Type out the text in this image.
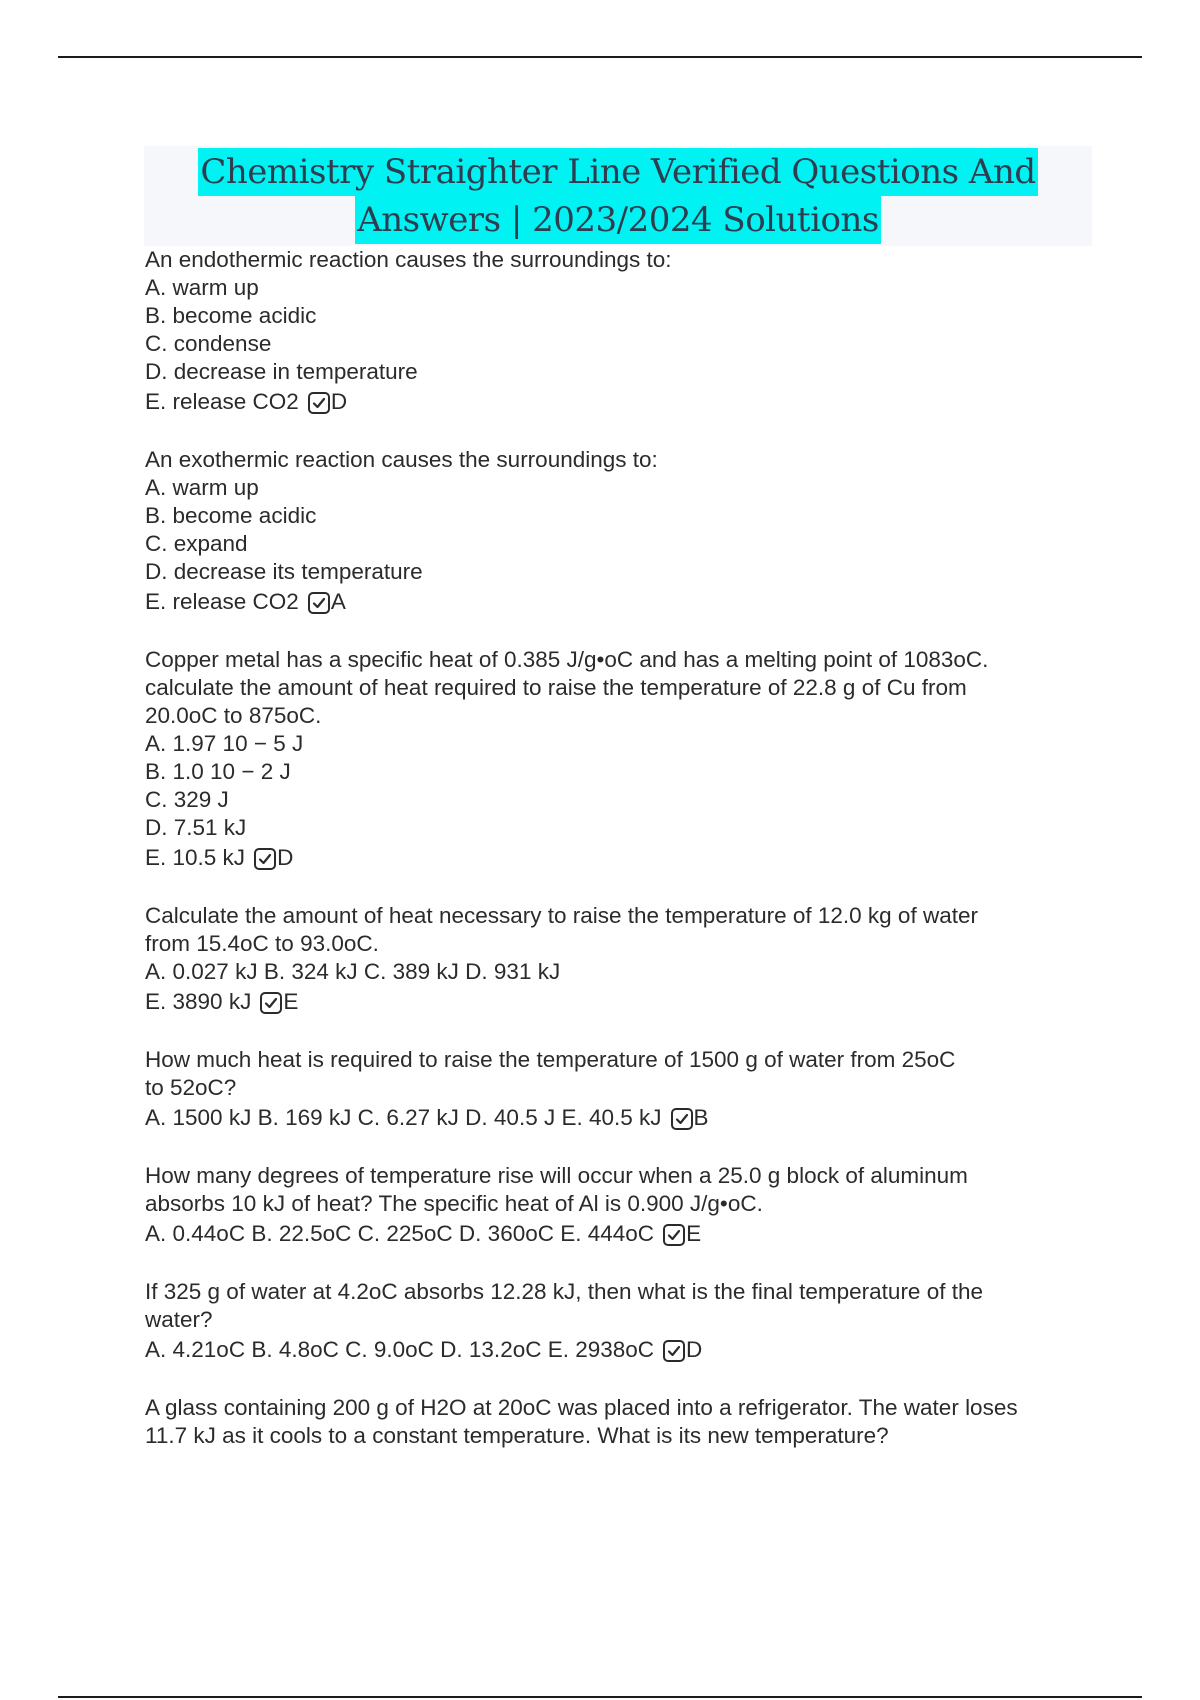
Chemistry Straighter Line Verified Questions And
Answers | 2023/2024 Solutions
An endothermic reaction causes the surroundings to:
A. warm up
B. become acidic
C. condense
D. decrease in temperature
E. release CO2 D
An exothermic reaction causes the surroundings to:
A. warm up
B. become acidic
C. expand
D. decrease its temperature
E. release CO2 A
Copper metal has a specific heat of 0.385 J/g•oC and has a melting point of 1083oC.
calculate the amount of heat required to raise the temperature of 22.8 g of Cu from
20.0oC to 875oC.
A. 1.97 10 − 5 J
B. 1.0 10 − 2 J
C. 329 J
D. 7.51 kJ
E. 10.5 kJ D
Calculate the amount of heat necessary to raise the temperature of 12.0 kg of water
from 15.4oC to 93.0oC.
A. 0.027 kJ B. 324 kJ C. 389 kJ D. 931 kJ
E. 3890 kJ E
How much heat is required to raise the temperature of 1500 g of water from 25oC
to 52oC?
A. 1500 kJ B. 169 kJ C. 6.27 kJ D. 40.5 J E. 40.5 kJ B
How many degrees of temperature rise will occur when a 25.0 g block of aluminum
absorbs 10 kJ of heat? The specific heat of Al is 0.900 J/g•oC.
A. 0.44oC B. 22.5oC C. 225oC D. 360oC E. 444oC E
If 325 g of water at 4.2oC absorbs 12.28 kJ, then what is the final temperature of the
water?
A. 4.21oC B. 4.8oC C. 9.0oC D. 13.2oC E. 2938oC D
A glass containing 200 g of H2O at 20oC was placed into a refrigerator. The water loses
11.7 kJ as it cools to a constant temperature. What is its new temperature?
